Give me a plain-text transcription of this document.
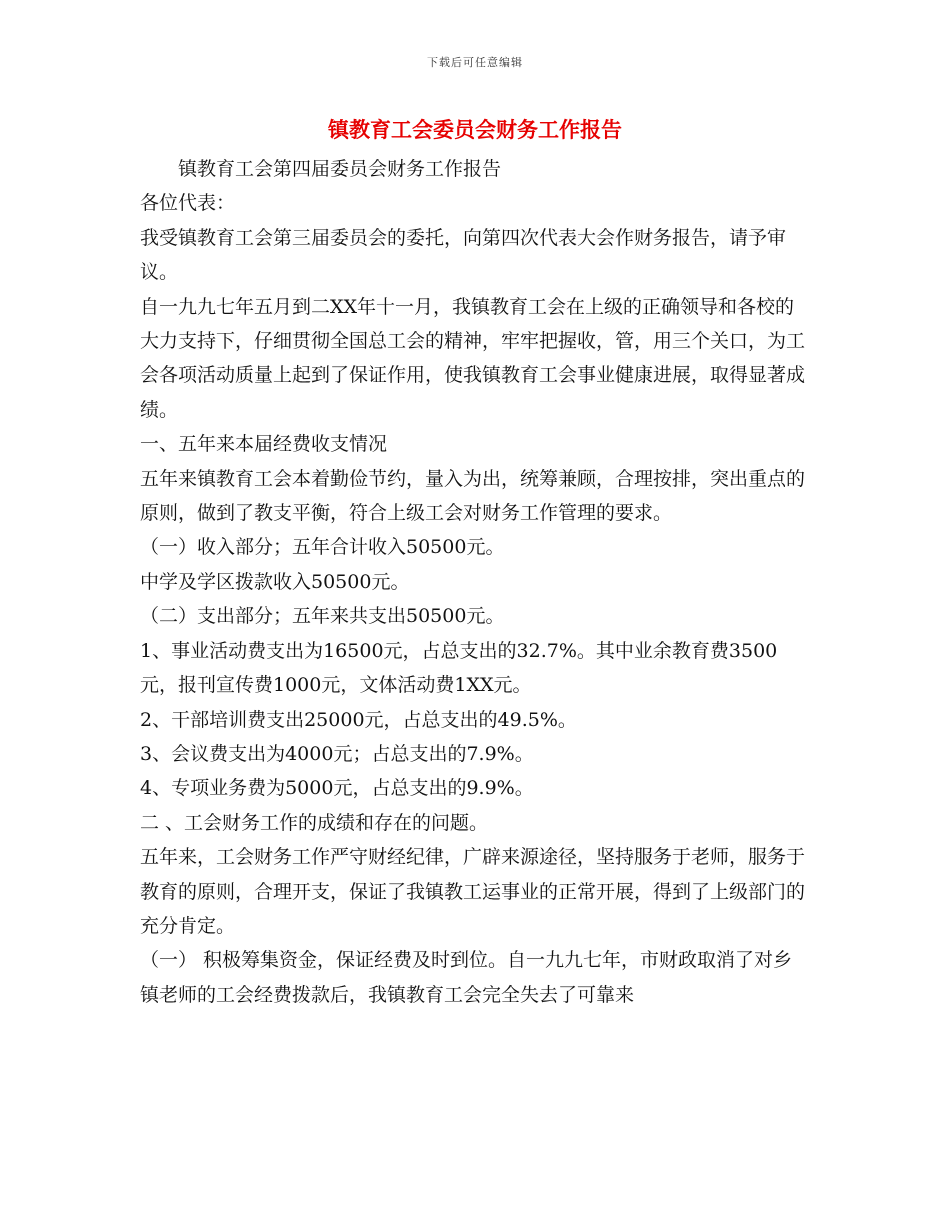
下载后可任意编辑
镇教育工会委员会财务工作报告

镇教育工会第四届委员会财务工作报告

各位代表：

我受镇教育工会第三届委员会的委托，向第四次代表大会作财务报告，请予审议。

自一九九七年五月到二XX年十一月，我镇教育工会在上级的正确领导和各校的大力支持下，仔细贯彻全国总工会的精神，牢牢把握收，管，用三个关口，为工会各项活动质量上起到了保证作用，使我镇教育工会事业健康进展，取得显著成绩。

一、五年来本届经费收支情况

五年来镇教育工会本着勤俭节约，量入为出，统筹兼顾，合理按排，突出重点的原则，做到了教支平衡，符合上级工会对财务工作管理的要求。

（一）收入部分；五年合计收入50500元。

中学及学区拨款收入50500元。

（二）支出部分；五年来共支出50500元。

1、事业活动费支出为16500元，占总支出的32.7%。其中业余教育费3500元，报刊宣传费1000元，文体活动费1XX元。

2、干部培训费支出25000元，占总支出的49.5%。

3、会议费支出为4000元；占总支出的7.9%。

4、专项业务费为5000元，占总支出的9.9%。

二 、工会财务工作的成绩和存在的问题。

五年来，工会财务工作严守财经纪律，广辟来源途径，坚持服务于老师，服务于教育的原则，合理开支，保证了我镇教工运事业的正常开展，得到了上级部门的充分肯定。

（一） 积极筹集资金，保证经费及时到位。自一九九七年，市财政取消了对乡镇老师的工会经费拨款后，我镇教育工会完全失去了可靠来
